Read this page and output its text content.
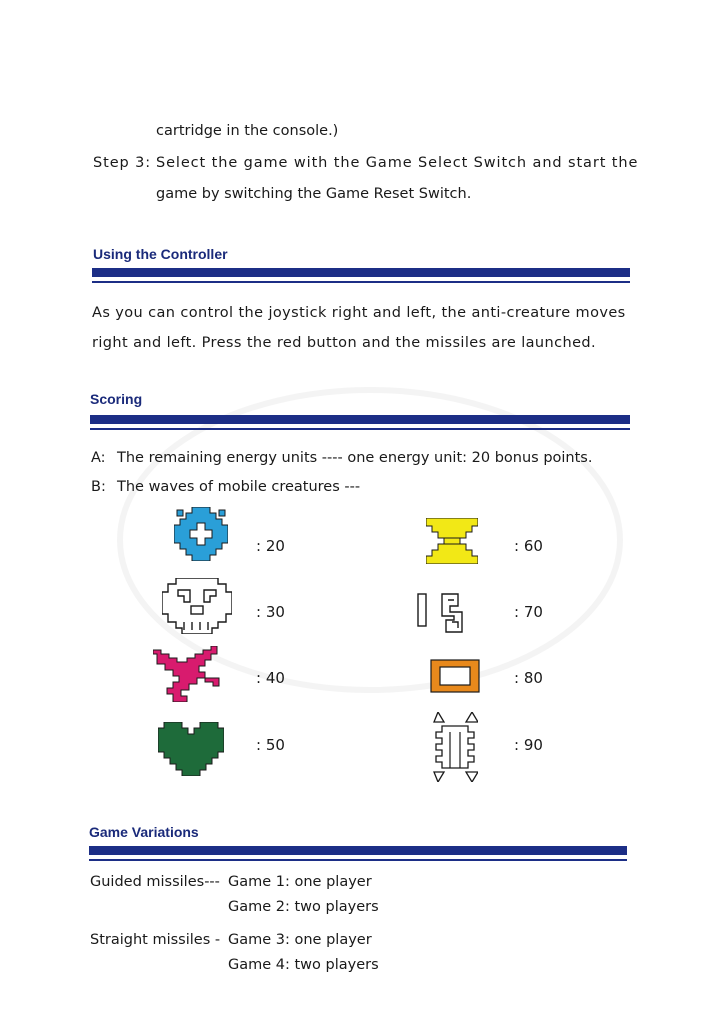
cartridge in the console.)
Step 3: Select the game with the Game Select Switch and start the
game by switching the Game Reset Switch.
Using the Controller
As you can control the joystick right and left, the anti-creature moves
right and left. Press the red button and the missiles are launched.
Scoring
A: The remaining energy units ---- one energy unit: 20 bonus points.
B: The waves of mobile creatures ---
: 20
: 30
: 40
: 50
: 60
: 70
: 80
: 90
Game Variations
Guided missiles--- Game 1: one player
Game 2: two players
Straight missiles - Game 3: one player
Game 4: two players
